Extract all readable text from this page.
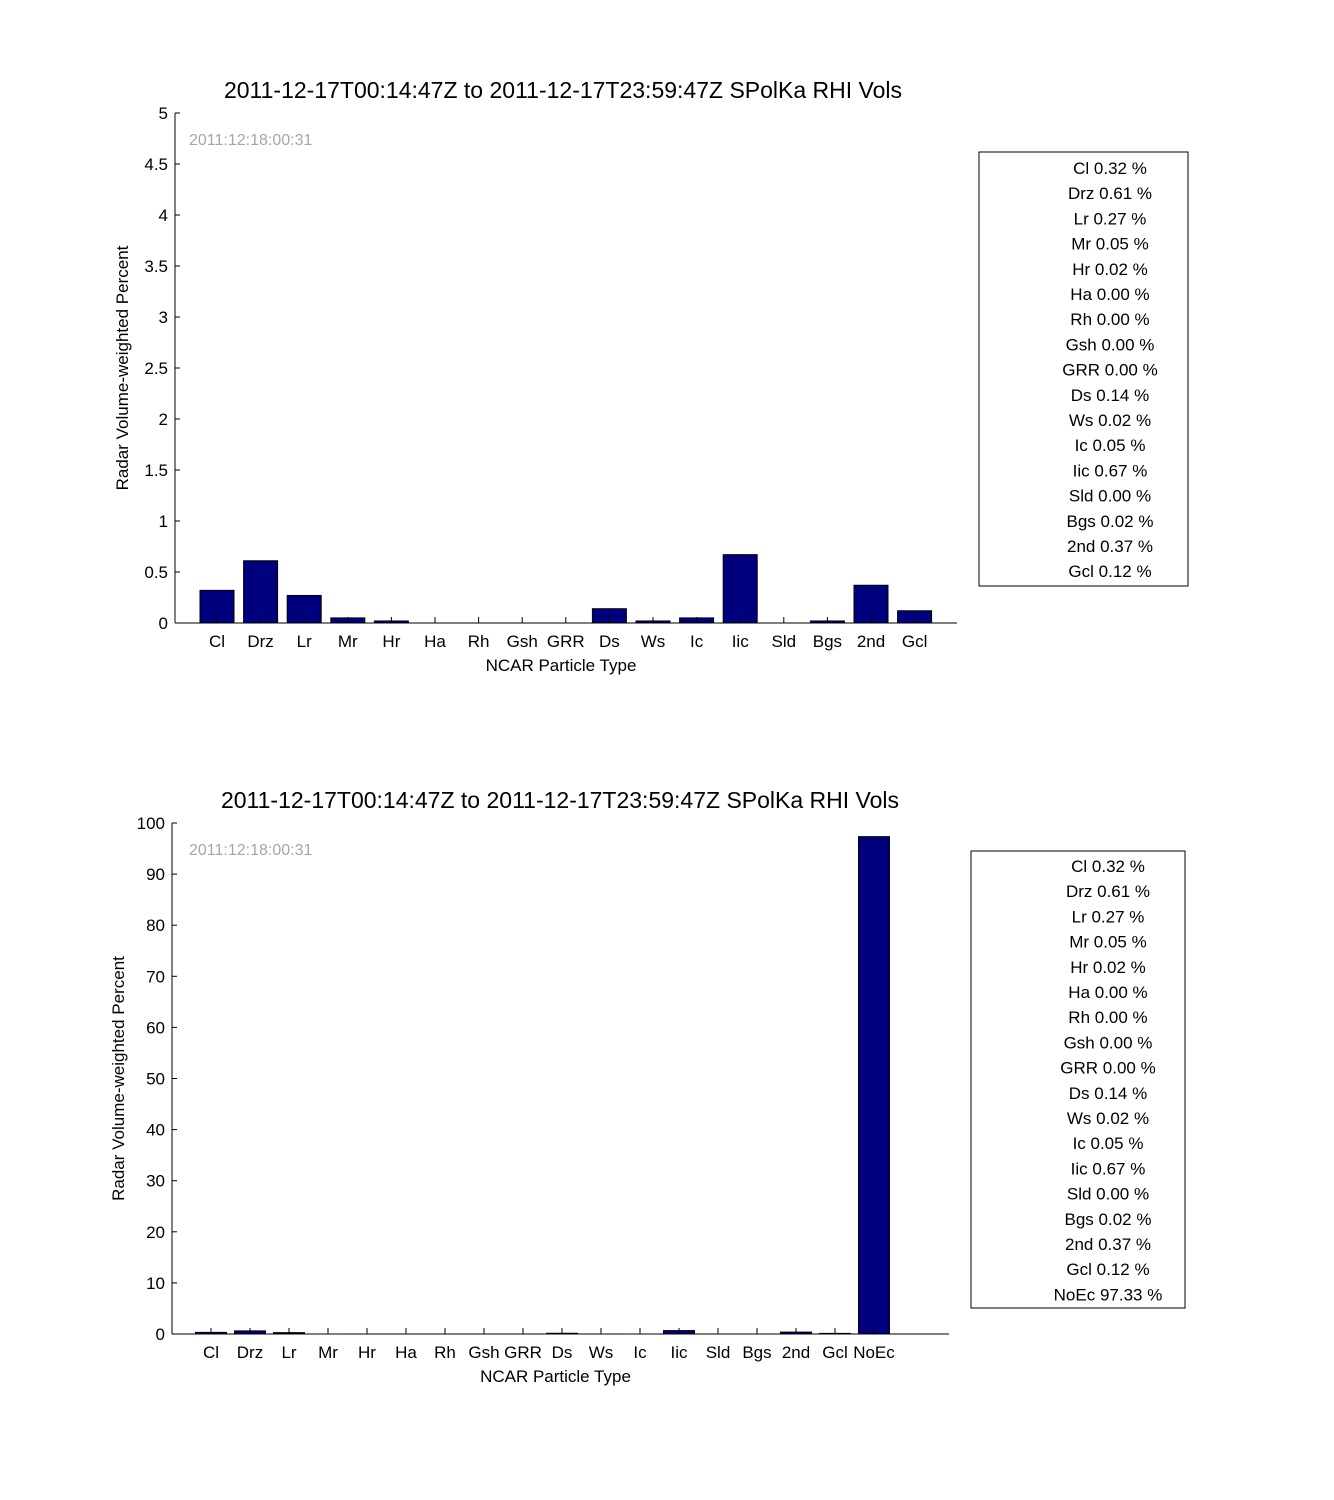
0
0.5
1
1.5
2
2.5
3
3.5
4
4.5
5
Cl Drz Lr Mr Hr Ha Rh Gsh GRR Ds Ws Ic Iic Sld Bgs 2nd Gcl
2011-12-17T00:14:47Z to 2011-12-17T23:59:47Z SPolKa RHI Vols
2011:12:18:00:31
NCAR Particle Type
Radar Volume-weighted Percent
Cl 0.32 %
Drz 0.61 %
Lr 0.27 %
Mr 0.05 %
Hr 0.02 %
Ha 0.00 %
Rh 0.00 %
Gsh 0.00 %
GRR 0.00 %
Ds 0.14 %
Ws 0.02 %
Ic 0.05 %
Iic 0.67 %
Sld 0.00 %
Bgs 0.02 %
2nd 0.37 %
Gcl 0.12 %
0
10
20
30
40
50
60
70
80
90
100
Cl Drz Lr Mr Hr Ha Rh Gsh GRR Ds Ws Ic Iic Sld Bgs 2nd Gcl NoEc
2011-12-17T00:14:47Z to 2011-12-17T23:59:47Z SPolKa RHI Vols
2011:12:18:00:31
NCAR Particle Type
Radar Volume-weighted Percent
Cl 0.32 %
Drz 0.61 %
Lr 0.27 %
Mr 0.05 %
Hr 0.02 %
Ha 0.00 %
Rh 0.00 %
Gsh 0.00 %
GRR 0.00 %
Ds 0.14 %
Ws 0.02 %
Ic 0.05 %
Iic 0.67 %
Sld 0.00 %
Bgs 0.02 %
2nd 0.37 %
Gcl 0.12 %
NoEc 97.33 %
